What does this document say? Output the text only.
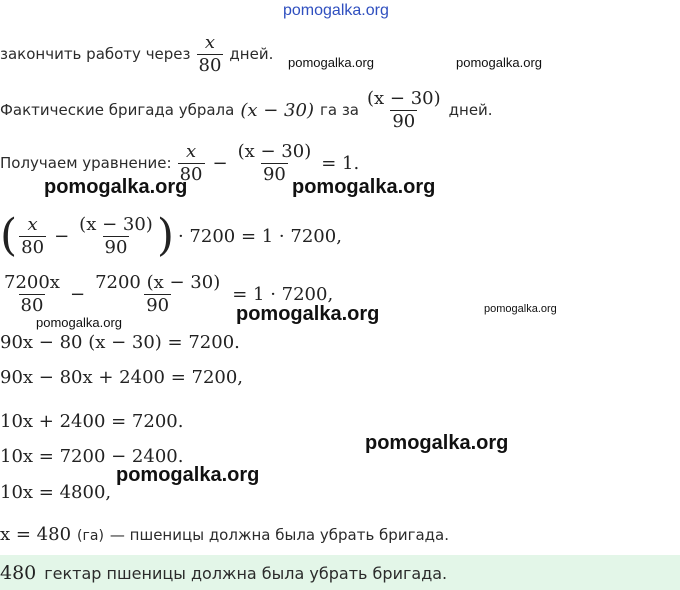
pomogalka.org
закончить работу через $\frac{x}{80}$ дней. pomogalka.org	pomogalka.org
Фактические бригада убрала (x − 30) га за $\frac{(x - 30)}{90}$ дней.
Получаем уравнение: $\frac{x}{80} - \frac{(x - 30)}{90} = 1$.
pomogalka.org	pomogalka.org
( $\frac{x}{80} - \frac{(x - 30)}{90}$ ) · 7200 = 1 · 7200,
$\frac{7200x}{80} - \frac{7200 (x - 30)}{90} = 1 \cdot 7200$,
pomogalka.org	pomogalka.org
pomogalka.org
90x − 80 (x − 30) = 7200.
90x − 80x + 2400 = 7200,
10x + 2400 = 7200.
10x = 7200 − 2400.
pomogalka.org
pomogalka.org
10x = 4800,
x = 480 (га) — пшеницы должна была убрать бригада.
480 гектар пшеницы должна была убрать бригада.
